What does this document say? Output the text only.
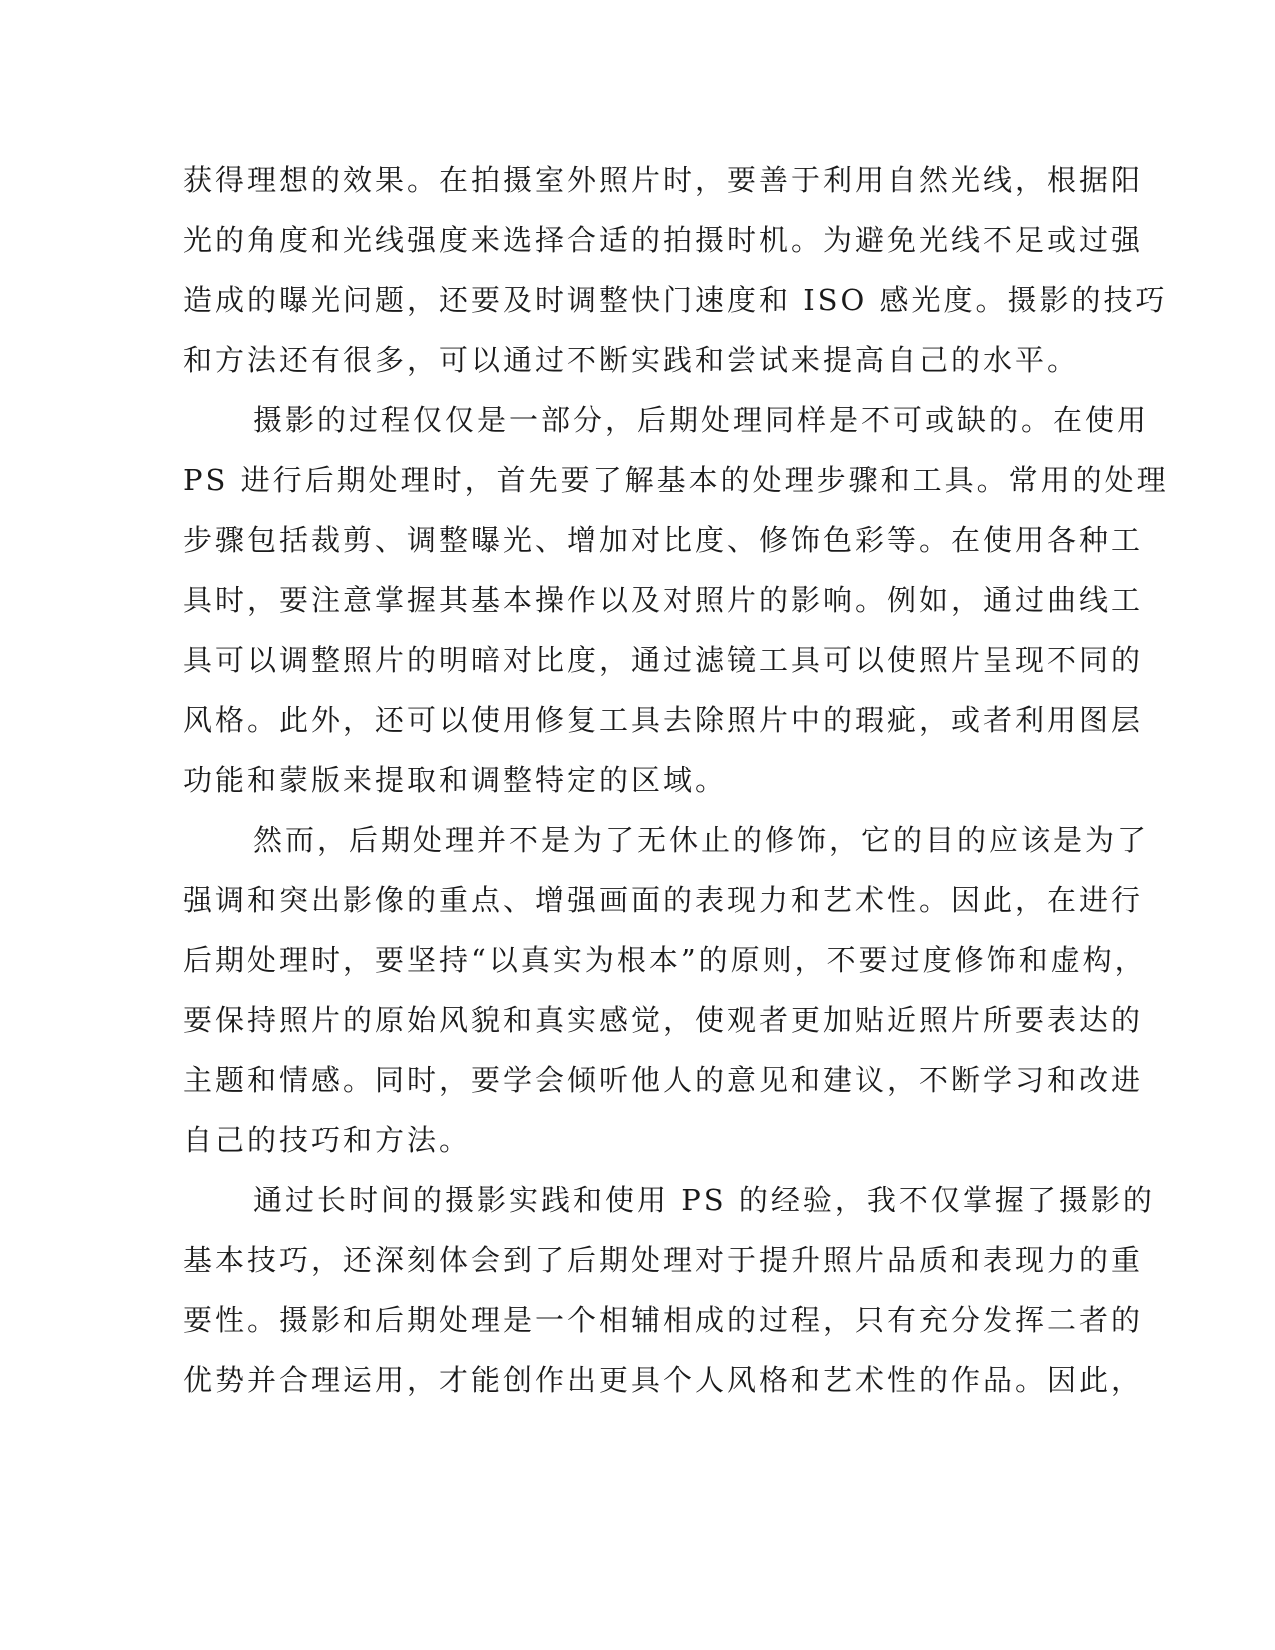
获得理想的效果。在拍摄室外照片时，要善于利用自然光线，根据阳

光的角度和光线强度来选择合适的拍摄时机。为避免光线不足或过强

造成的曝光问题，还要及时调整快门速度和 ISO 感光度。摄影的技巧

和方法还有很多，可以通过不断实践和尝试来提高自己的水平。

摄影的过程仅仅是一部分，后期处理同样是不可或缺的。在使用

PS 进行后期处理时，首先要了解基本的处理步骤和工具。常用的处理

步骤包括裁剪、调整曝光、增加对比度、修饰色彩等。在使用各种工

具时，要注意掌握其基本操作以及对照片的影响。例如，通过曲线工

具可以调整照片的明暗对比度，通过滤镜工具可以使照片呈现不同的

风格。此外，还可以使用修复工具去除照片中的瑕疵，或者利用图层

功能和蒙版来提取和调整特定的区域。

然而，后期处理并不是为了无休止的修饰，它的目的应该是为了

强调和突出影像的重点、增强画面的表现力和艺术性。因此，在进行

后期处理时，要坚持“以真实为根本”的原则，不要过度修饰和虚构，

要保持照片的原始风貌和真实感觉，使观者更加贴近照片所要表达的

主题和情感。同时，要学会倾听他人的意见和建议，不断学习和改进

自己的技巧和方法。

通过长时间的摄影实践和使用 PS 的经验，我不仅掌握了摄影的

基本技巧，还深刻体会到了后期处理对于提升照片品质和表现力的重

要性。摄影和后期处理是一个相辅相成的过程，只有充分发挥二者的

优势并合理运用，才能创作出更具个人风格和艺术性的作品。因此，
